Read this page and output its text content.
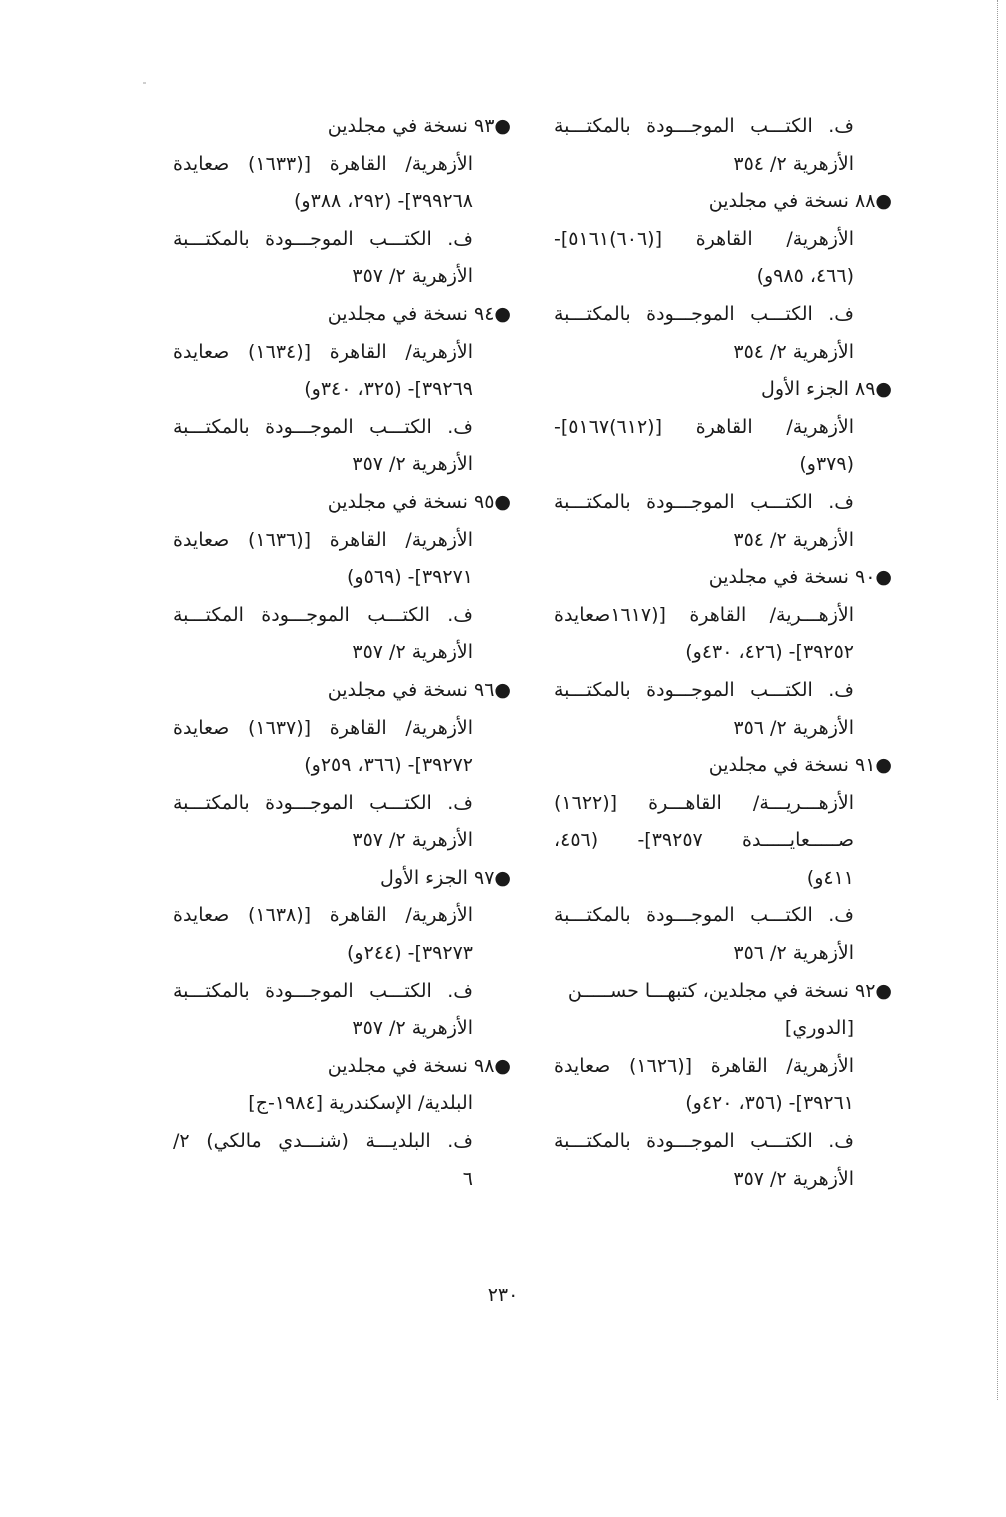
ف. الكتـــب الموجـــودة بالمكتـــبة
الأزهرية ٢/ ٣٥٤
●٨٨ نسخة في مجلدين
الأزهرية/ القاهرة [(٦٠٦)٥١٦١]-
(٤٦٦، ٩٨٥و)
ف. الكتـــب الموجـــودة بالمكتـــبة
الأزهرية ٢/ ٣٥٤
●٨٩ الجزء الأول
الأزهرية/ القاهرة [(٦١٢)٥١٦٧]-
(٣٧٩و)
ف. الكتـــب الموجـــودة بالمكتـــبة
الأزهرية ٢/ ٣٥٤
●٩٠ نسخة في مجلدين
الأزهـــرية/ القاهرة [(١٦١٧صعايدة
٣٩٢٥٢]- (٤٢٦، ٤٣٠و)
ف. الكتـــب الموجـــودة بالمكتـــبة
الأزهرية ٢/ ٣٥٦
●٩١ نسخة في مجلدين
الأزهـــريـــة/ القاهـــرة [(١٦٢٢)
صـــــعايـــــدة ٣٩٢٥٧]- (٤٥٦،
٤١١و)
ف. الكتـــب الموجـــودة بالمكتـــبة
الأزهرية ٢/ ٣٥٦
●٩٢ نسخة في مجلدين، كتبهـــا حســـــن
[الدوري]
الأزهرية/ القاهرة [(١٦٢٦) صعايدة
٣٩٢٦١]- (٣٥٦، ٤٢٠و)
ف. الكتـــب الموجـــودة بالمكتـــبة
الأزهرية ٢/ ٣٥٧
●٩٣ نسخة في مجلدين
الأزهرية/ القاهرة [(١٦٣٣) صعايدة
٣٩٩٢٦٨]- (٢٩٢، ٣٨٨و)
ف. الكتـــب الموجـــودة بالمكتـــبة
الأزهرية ٢/ ٣٥٧
●٩٤ نسخة في مجلدين
الأزهرية/ القاهرة [(١٦٣٤) صعايدة
٣٩٢٦٩]- (٣٢٥، ٣٤٠و)
ف. الكتـــب الموجـــودة بالمكتـــبة
الأزهرية ٢/ ٣٥٧
●٩٥ نسخة في مجلدين
الأزهرية/ القاهرة [(١٦٣٦) صعايدة
٣٩٢٧١]- (٥٦٩و)
ف. الكتـــب الموجـــودة المكتـــبة
الأزهرية ٢/ ٣٥٧
●٩٦ نسخة في مجلدين
الأزهرية/ القاهرة [(١٦٣٧) صعايدة
٣٩٢٧٢]- (٣٦٦، ٢٥٩و)
ف. الكتـــب الموجـــودة بالمكتـــبة
الأزهرية ٢/ ٣٥٧
●٩٧ الجزء الأول
الأزهرية/ القاهرة [(١٦٣٨) صعايدة
٣٩٢٧٣]- (٢٤٤و)
ف. الكتـــب الموجـــودة بالمكتـــبة
الأزهرية ٢/ ٣٥٧
●٩٨ نسخة في مجلدين
البلدية/ الإسكندرية [١٩٨٤-ج]
ف. البلديـــة (شنـــدي مالكي) ٢/
٦
٢٣٠
